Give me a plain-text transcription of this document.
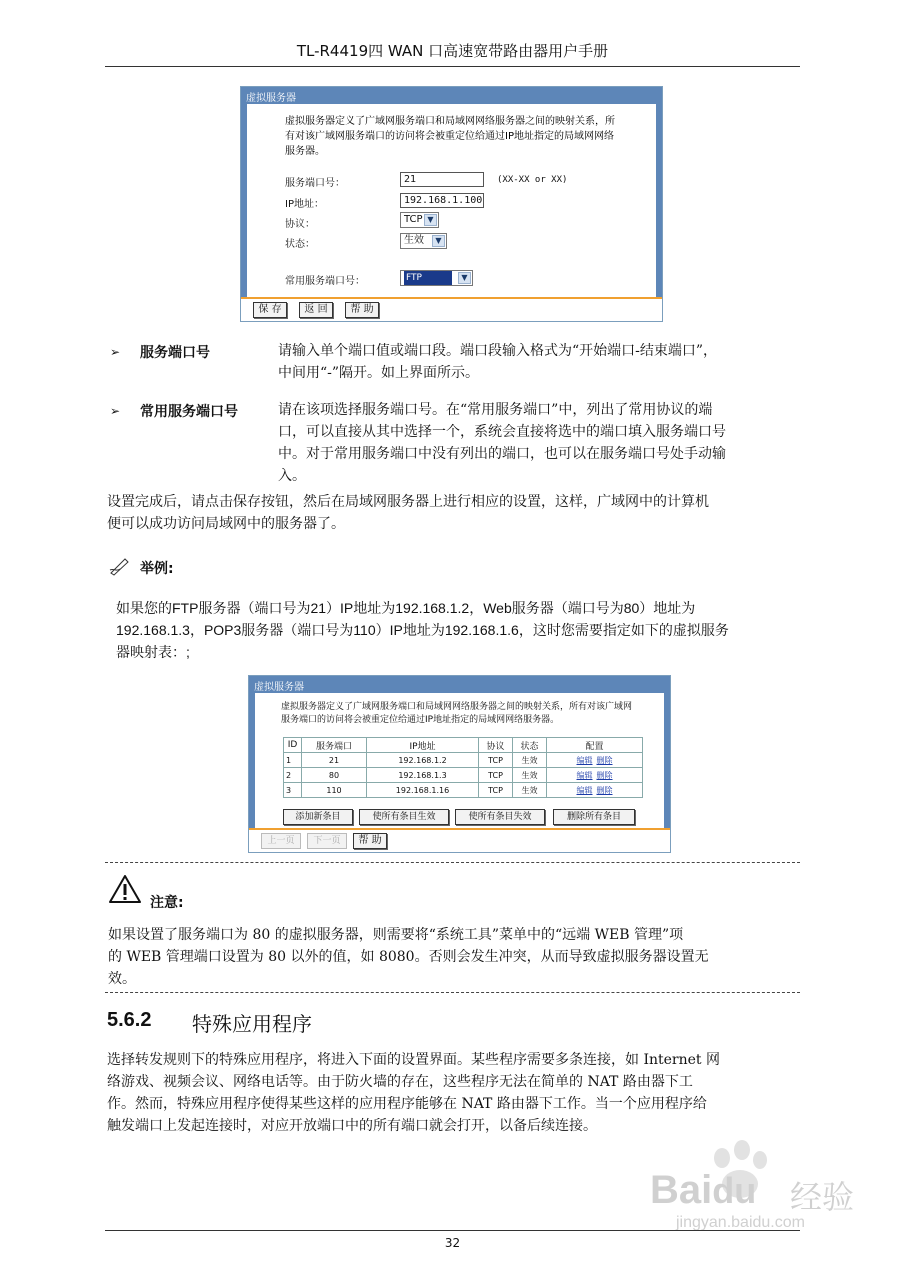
TL-R4419四 WAN 口高速宽带路由器用户手册
虚拟服务器
虚拟服务器定义了广域网服务端口和局域网网络服务器之间的映射关系，所
有对该广域网服务端口的访问将会被重定位给通过IP地址指定的局域网网络
服务器。
服务端口号：	21	(XX-XX or XX)
IP地址：	192.168.1.100
协议：	TCP ▼
状态：	生效	▼
常用服务端口号：	FTP	▼
保 存	返 回	帮 助
➢ 服务端口号	请输入单个端口值或端口段。端口段输入格式为“开始端口-结束端口”，
中间用“-”隔开。如上界面所示。
➢ 常用服务端口号	请在该项选择服务端口号。在“常用服务端口”中，列出了常用协议的端
口，可以直接从其中选择一个，系统会直接将选中的端口填入服务端口号
中。对于常用服务端口中没有列出的端口，也可以在服务端口号处手动输
入。
设置完成后，请点击保存按钮，然后在局域网服务器上进行相应的设置，这样，广域网中的计算机
便可以成功访问局域网中的服务器了。
举例:
如果您的FTP服务器（端口号为21）IP地址为192.168.1.2，Web服务器（端口号为80）地址为
192.168.1.3，POP3服务器（端口号为110）IP地址为192.168.1.6，这时您需要指定如下的虚拟服务
器映射表：;
虚拟服务器
虚拟服务器定义了广域网服务端口和局域网网络服务器之间的映射关系，所有对该广域网
服务端口的访问将会被重定位给通过IP地址指定的局域网网络服务器。
ID	服务端口	IP地址	协议	状态	配置
1	21	192.168.1.2	TCP	生效	编辑 删除
2	80	192.168.1.3	TCP	生效	编辑 删除
3	110	192.168.1.16	TCP	生效	编辑 删除
添加新条目	使所有条目生效	使所有条目失效	删除所有条目
上一页	下一页	帮 助
注意:
如果设置了服务端口为 80 的虚拟服务器，则需要将“系统工具”菜单中的“远端 WEB 管理”项
的 WEB 管理端口设置为 80 以外的值，如 8080。否则会发生冲突，从而导致虚拟服务器设置无
效。
5.6.2 特殊应用程序
选择转发规则下的特殊应用程序，将进入下面的设置界面。某些程序需要多条连接，如 Internet 网
络游戏、视频会议、网络电话等。由于防火墙的存在，这些程序无法在简单的 NAT 路由器下工
作。然而，特殊应用程序使得某些这样的应用程序能够在 NAT 路由器下工作。当一个应用程序给
触发端口上发起连接时，对应开放端口中的所有端口就会打开，以备后续连接。
Baidu 经验
jingyan.baidu.com
32
